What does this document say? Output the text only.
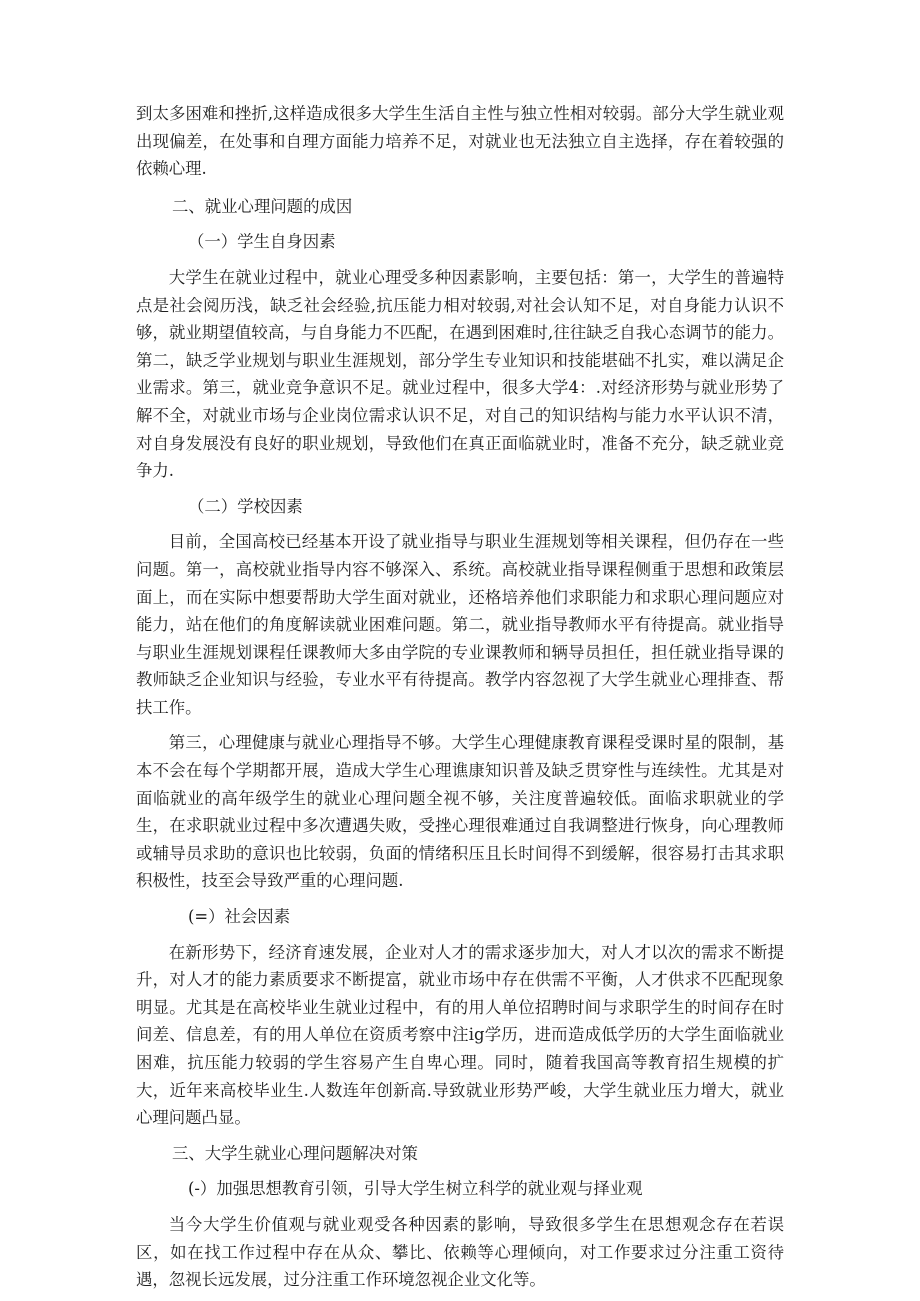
到太多困难和挫折,这样造成很多大学生生活自主性与独立性相对较弱。部分大学生就业观出现偏差，在处事和自理方面能力培养不足，对就业也无法独立自主选择，存在着较强的依赖心理.

二、就业心理问题的成因

（一）学生自身因素

大学生在就业过程中，就业心理受多种因素影响，主要包括：第一，大学生的普遍特点是社会阅历浅，缺乏社会经验,抗压能力相对较弱,对社会认知不足，对自身能力认识不够，就业期望值较高，与自身能力不匹配，在遇到困难时,往往缺乏自我心态调节的能力。第二，缺乏学业规划与职业生涯规划，部分学生专业知识和技能堪础不扎实，难以满足企业需求。第三，就业竞争意识不足。就业过程中，很多大学4：.对经济形势与就业形势了解不全，对就业市场与企业岗位需求认识不足，对自己的知识结构与能力水平认识不清，对自身发展没有良好的职业规划，导致他们在真正面临就业时，准备不充分，缺乏就业竞争力.

（二）学校因素

目前，全国高校已经基本开设了就业指导与职业生涯规划等相关课程，但仍存在一些问题。第一，高校就业指导内容不够深入、系统。高校就业指导课程侧重于思想和政策层面上，而在实际中想要帮助大学生面对就业，还格培养他们求职能力和求职心理问题应对能力，站在他们的角度解读就业困难问题。第二，就业指导教师水平有待提高。就业指导与职业生涯规划课程任课教师大多由学院的专业课教师和辆导员担任，担任就业指导课的教师缺乏企业知识与经验，专业水平有待提高。教学内容忽视了大学生就业心理排查、帮扶工作。

第三，心理健康与就业心理指导不够。大学生心理健康教育课程受课时星的限制，基本不会在每个学期都开展，造成大学生心理谯康知识普及缺乏贯穿性与连续性。尤其是对面临就业的高年级学生的就业心理问题全视不够，关注度普遍较低。面临求职就业的学生，在求职就业过程中多次遭遇失败，受挫心理很难通过自我调整进行恢身，向心理教师或辅导员求助的意识也比较弱，负面的情绪积压且长时间得不到缓解，很容易打击其求职积极性，技至会导致严重的心理问题.

(=）社会因素

在新形势下，经济育速发展，企业对人才的需求逐步加大，对人才以次的需求不断提升，对人才的能力素质要求不断提富，就业市场中存在供需不平衡，人才供求不匹配现象明显。尤其是在高校毕业生就业过程中，有的用人单位招聘时间与求职学生的时间存在时间差、信息差，有的用人单位在资质考察中注ig学历，进而造成低学历的大学生面临就业困难，抗压能力较弱的学生容易产生自卑心理。同时，随着我国高等教育招生规模的扩大，近年来高校毕业生.人数连年创新高.导致就业形势严峻，大学生就业压力增大，就业心理问题凸显。

三、大学生就业心理问题解决对策

(-）加强思想教育引领，引导大学生树立科学的就业观与择业观

当今大学生价值观与就业观受各种因素的影响，导致很多学生在思想观念存在若误区，如在找工作过程中存在从众、攀比、依赖等心理倾向，对工作要求过分注重工资待遇，忽视长远发展，过分注重工作环境忽视企业文化等。
